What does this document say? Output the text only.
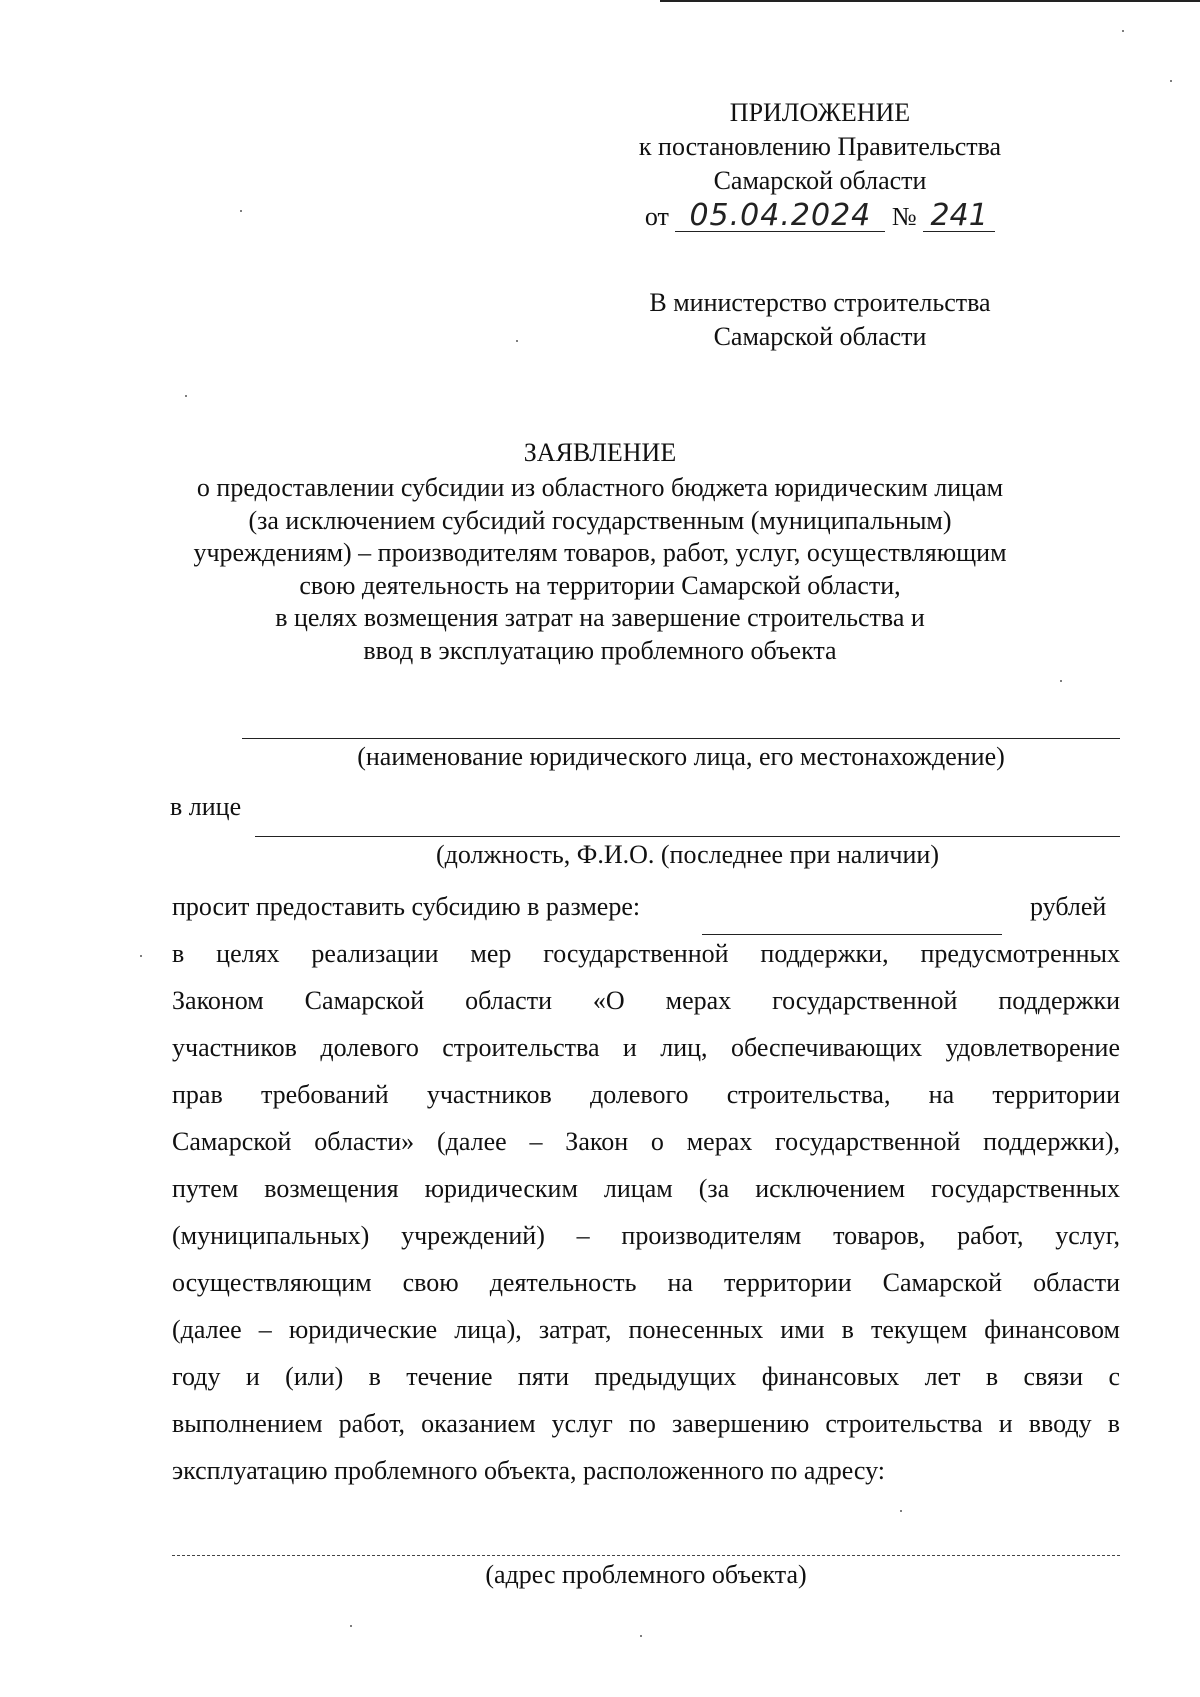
ПРИЛОЖЕНИЕ
к постановлению Правительства
Самарской области
от 05.04.2024 № 241
В министерство строительства
Самарской области
ЗАЯВЛЕНИЕ
о предоставлении субсидии из областного бюджета юридическим лицам
(за исключением субсидий государственным (муниципальным)
учреждениям) – производителям товаров, работ, услуг, осуществляющим
свою деятельность на территории Самарской области,
в целях возмещения затрат на завершение строительства и
ввод в эксплуатацию проблемного объекта
(наименование юридического лица, его местонахождение)
в лице
(должность, Ф.И.О. (последнее при наличии)
просит предоставить субсидию в размере:	рублей
в целях реализации мер государственной поддержки, предусмотренных
Законом Самарской области «О мерах государственной поддержки
участников долевого строительства и лиц, обеспечивающих удовлетворение
прав требований участников долевого строительства, на территории
Самарской области» (далее – Закон о мерах государственной поддержки),
путем возмещения юридическим лицам (за исключением государственных
(муниципальных) учреждений) – производителям товаров, работ, услуг,
осуществляющим свою деятельность на территории Самарской области
(далее – юридические лица), затрат, понесенных ими в текущем финансовом
году и (или) в течение пяти предыдущих финансовых лет в связи с
выполнением работ, оказанием услуг по завершению строительства и вводу в
эксплуатацию проблемного объекта, расположенного по адресу:
(адрес проблемного объекта)
